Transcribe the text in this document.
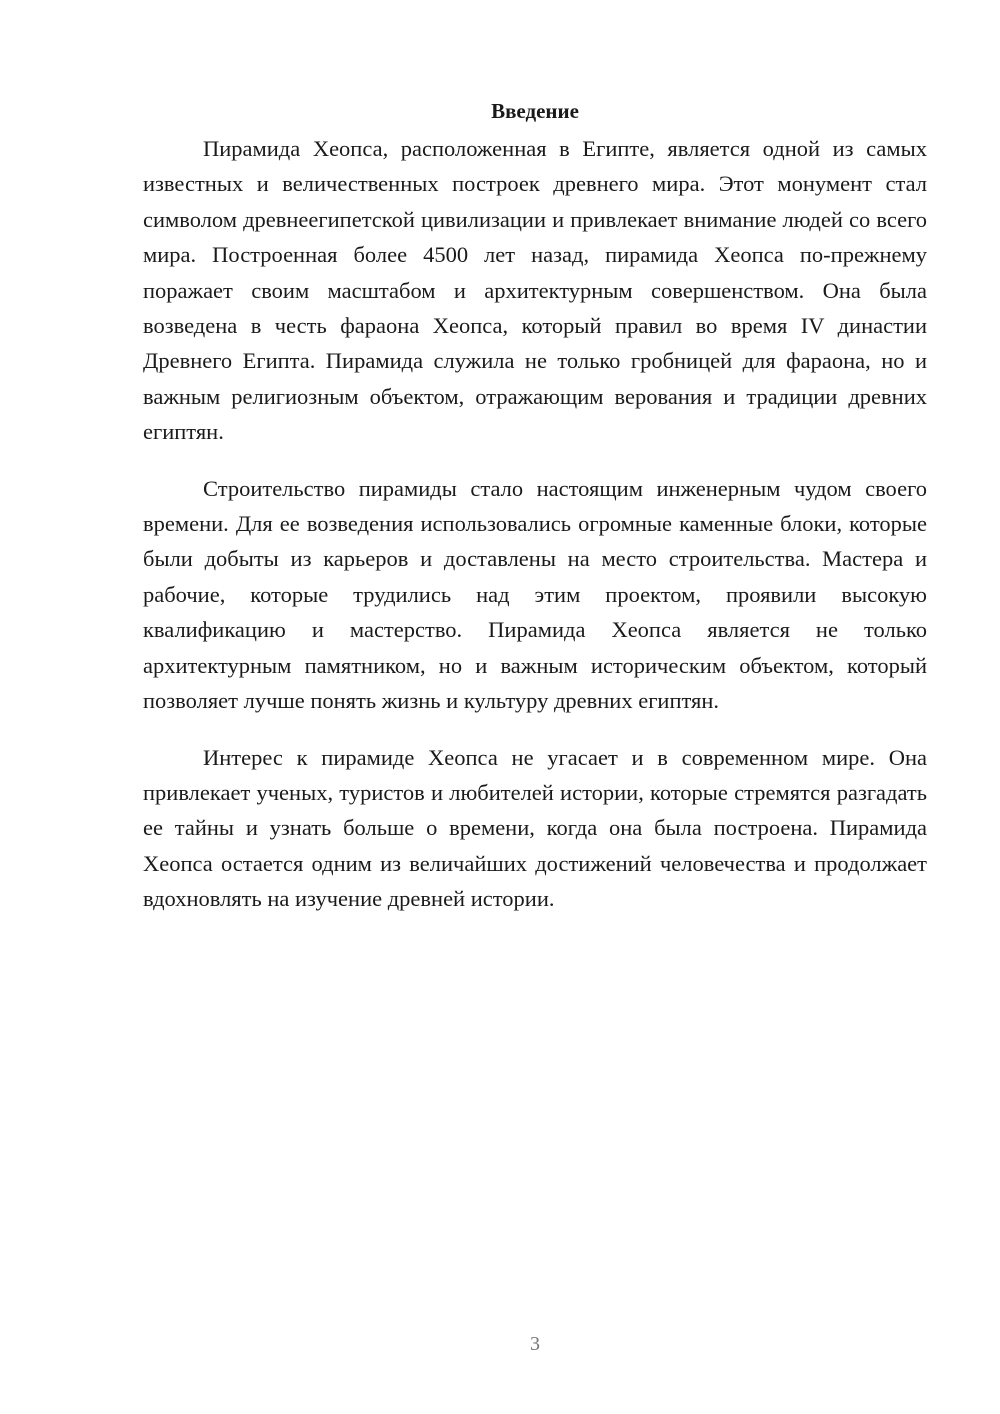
Введение

Пирамида Хеопса, расположенная в Египте, является одной из самых известных и величественных построек древнего мира. Этот монумент стал символом древнеегипетской цивилизации и привлекает внимание людей со всего мира. Построенная более 4500 лет назад, пирамида Хеопса по-прежнему поражает своим масштабом и архитектурным совершенством. Она была возведена в честь фараона Хеопса, который правил во время IV династии Древнего Египта. Пирамида служила не только гробницей для фараона, но и важным религиозным объектом, отражающим верования и традиции древних египтян.

Строительство пирамиды стало настоящим инженерным чудом своего времени. Для ее возведения использовались огромные каменные блоки, которые были добыты из карьеров и доставлены на место строительства. Мастера и рабочие, которые трудились над этим проектом, проявили высокую квалификацию и мастерство. Пирамида Хеопса является не только архитектурным памятником, но и важным историческим объектом, который позволяет лучше понять жизнь и культуру древних египтян.

Интерес к пирамиде Хеопса не угасает и в современном мире. Она привлекает ученых, туристов и любителей истории, которые стремятся разгадать ее тайны и узнать больше о времени, когда она была построена. Пирамида Хеопса остается одним из величайших достижений человечества и продолжает вдохновлять на изучение древней истории.

3
